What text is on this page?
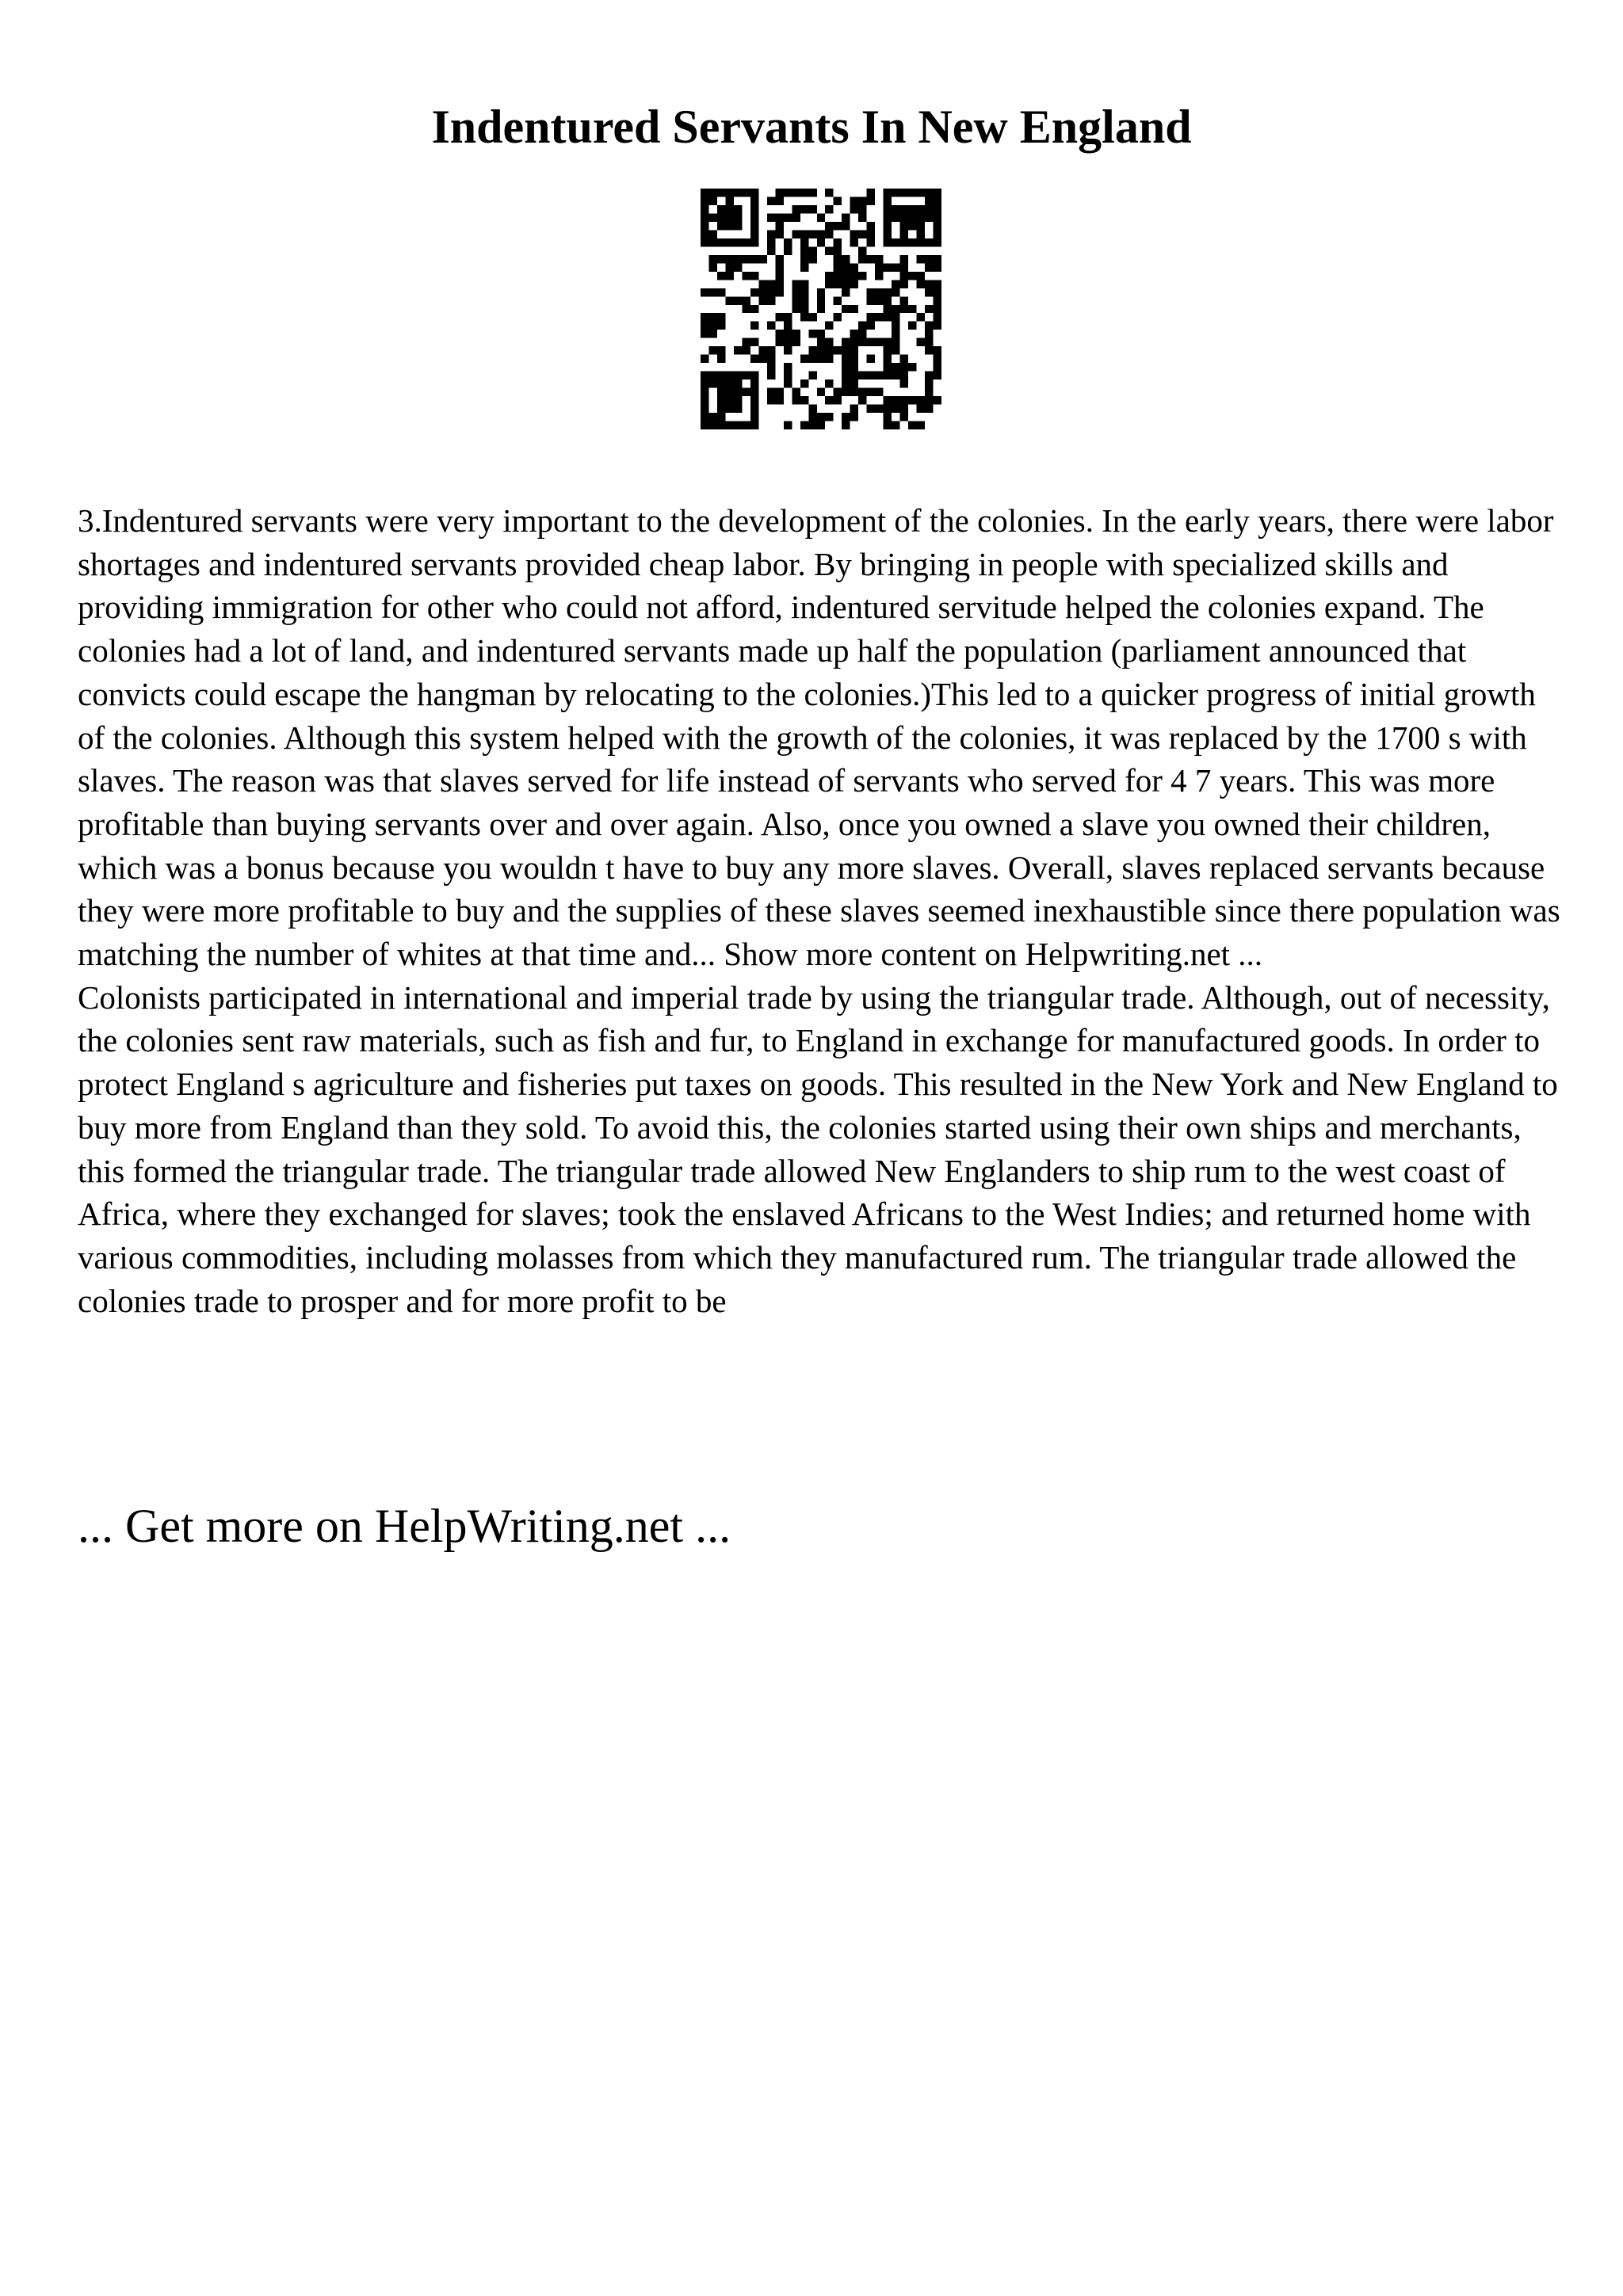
Indentured Servants In New England

3.Indentured servants were very important to the development of the colonies. In the early years, there were labor shortages and indentured servants provided cheap labor. By bringing in people with specialized skills and providing immigration for other who could not afford, indentured servitude helped the colonies expand. The colonies had a lot of land, and indentured servants made up half the population (parliament announced that convicts could escape the hangman by relocating to the colonies.)This led to a quicker progress of initial growth of the colonies. Although this system helped with the growth of the colonies, it was replaced by the 1700 s with slaves. The reason was that slaves served for life instead of servants who served for 4 7 years. This was more profitable than buying servants over and over again. Also, once you owned a slave you owned their children, which was a bonus because you wouldn t have to buy any more slaves. Overall, slaves replaced servants because they were more profitable to buy and the supplies of these slaves seemed inexhaustible since there population was matching the number of whites at that time and... Show more content on Helpwriting.net ...

Colonists participated in international and imperial trade by using the triangular trade. Although, out of necessity, the colonies sent raw materials, such as fish and fur, to England in exchange for manufactured goods. In order to protect England s agriculture and fisheries put taxes on goods. This resulted in the New York and New England to buy more from England than they sold. To avoid this, the colonies started using their own ships and merchants, this formed the triangular trade. The triangular trade allowed New Englanders to ship rum to the west coast of Africa, where they exchanged for slaves; took the enslaved Africans to the West Indies; and returned home with various commodities, including molasses from which they manufactured rum. The triangular trade allowed the colonies trade to prosper and for more profit to be

... Get more on HelpWriting.net ...
